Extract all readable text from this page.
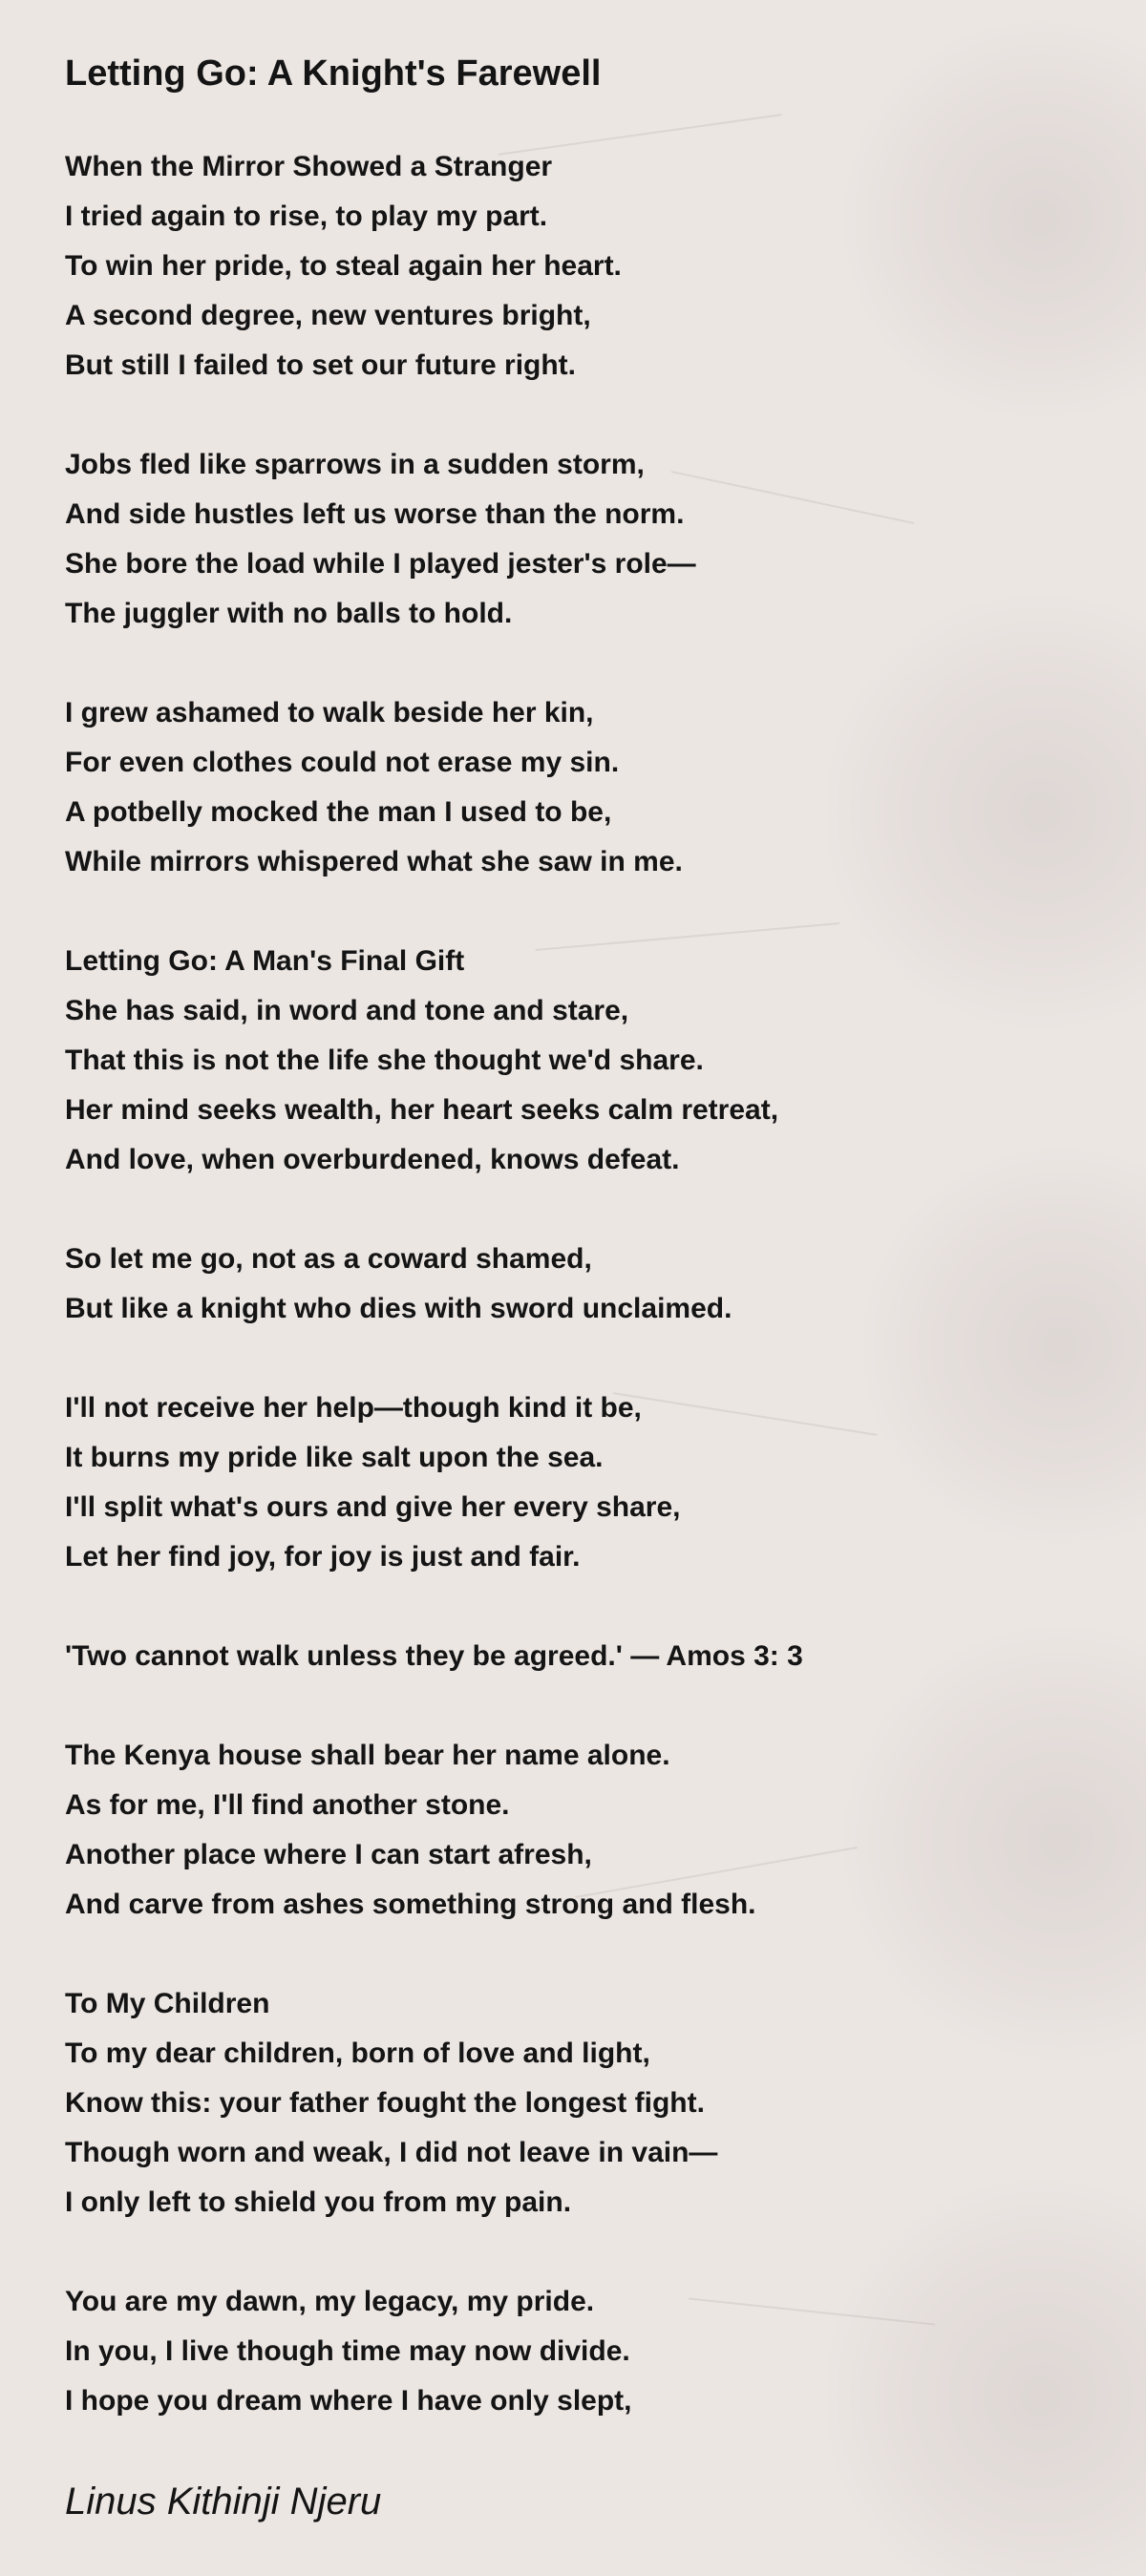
Letting Go: A Knight's Farewell
When the Mirror Showed a Stranger
I tried again to rise, to play my part.
To win her pride, to steal again her heart.
A second degree, new ventures bright,
But still I failed to set our future right.
Jobs fled like sparrows in a sudden storm,
And side hustles left us worse than the norm.
She bore the load while I played jester's role—
The juggler with no balls to hold.
I grew ashamed to walk beside her kin,
For even clothes could not erase my sin.
A potbelly mocked the man I used to be,
While mirrors whispered what she saw in me.
Letting Go: A Man's Final Gift
She has said, in word and tone and stare,
That this is not the life she thought we'd share.
Her mind seeks wealth, her heart seeks calm retreat,
And love, when overburdened, knows defeat.
So let me go, not as a coward shamed,
But like a knight who dies with sword unclaimed.
I'll not receive her help—though kind it be,
It burns my pride like salt upon the sea.
I'll split what's ours and give her every share,
Let her find joy, for joy is just and fair.
'Two cannot walk unless they be agreed.' — Amos 3: 3
The Kenya house shall bear her name alone.
As for me, I'll find another stone.
Another place where I can start afresh,
And carve from ashes something strong and flesh.
To My Children
To my dear children, born of love and light,
Know this: your father fought the longest fight.
Though worn and weak, I did not leave in vain—
I only left to shield you from my pain.
You are my dawn, my legacy, my pride.
In you, I live though time may now divide.
I hope you dream where I have only slept,
Linus Kithinji Njeru
